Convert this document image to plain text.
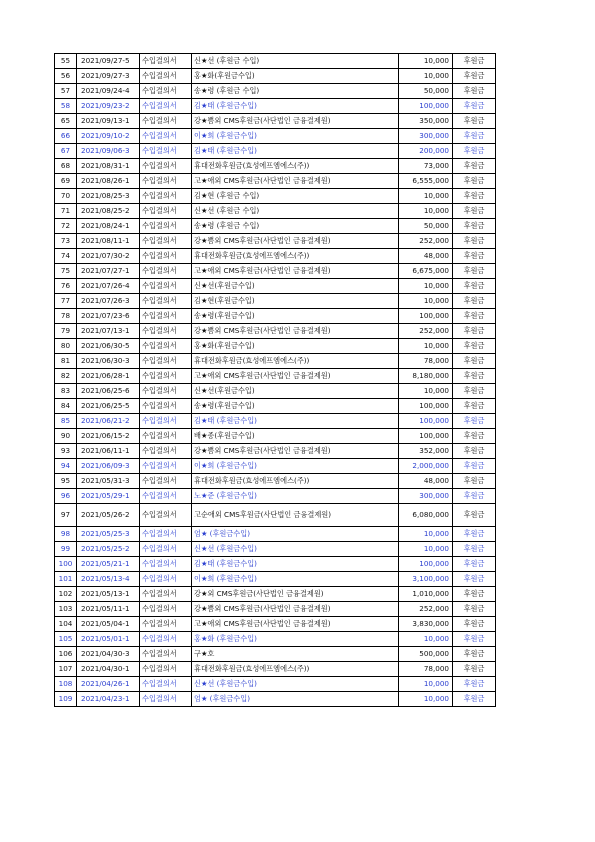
55	2021/09/27-5	수입결의서	신★선 (후원금 수입)	10,000	후원금
56	2021/09/27-3	수입결의서	홍★화(후원금수입)	10,000	후원금
57	2021/09/24-4	수입결의서	송★령 (후원금 수입)	50,000	후원금
58	2021/09/23-2	수입결의서	김★태 (후원금수입)	100,000	후원금
65	2021/09/13-1	수입결의서	강★쁨외 CMS후원금(사단법인 금융결제원)	350,000	후원금
66	2021/09/10-2	수입결의서	이★희 (후원금수입)	300,000	후원금
67	2021/09/06-3	수입결의서	김★태 (후원금수입)	200,000	후원금
68	2021/08/31-1	수입결의서	휴대전화후원금(효성에프엠에스(주))	73,000	후원금
69	2021/08/26-1	수입결의서	고★애외 CMS후원금(사단법인 금융결제원)	6,555,000	후원금
70	2021/08/25-3	수입결의서	김★현 (후원금 수입)	10,000	후원금
71	2021/08/25-2	수입결의서	신★선 (후원금 수입)	10,000	후원금
72	2021/08/24-1	수입결의서	송★령 (후원금 수입)	50,000	후원금
73	2021/08/11-1	수입결의서	강★쁨외 CMS후원금(사단법인 금융결제원)	252,000	후원금
74	2021/07/30-2	수입결의서	휴대전화후원금(효성에프엠에스(주))	48,000	후원금
75	2021/07/27-1	수입결의서	고★애외 CMS후원금(사단법인 금융결제원)	6,675,000	후원금
76	2021/07/26-4	수입결의서	신★선(후원금수입)	10,000	후원금
77	2021/07/26-3	수입결의서	김★현(후원금수입)	10,000	후원금
78	2021/07/23-6	수입결의서	송★령(후원금수입)	100,000	후원금
79	2021/07/13-1	수입결의서	강★쁨외 CMS후원금(사단법인 금융결제원)	252,000	후원금
80	2021/06/30-5	수입결의서	홍★화(후원금수입)	10,000	후원금
81	2021/06/30-3	수입결의서	휴대전화후원금(효성에프엠에스(주))	78,000	후원금
82	2021/06/28-1	수입결의서	고★애외 CMS후원금(사단법인 금융결제원)	8,180,000	후원금
83	2021/06/25-6	수입결의서	신★선(후원금수입)	10,000	후원금
84	2021/06/25-5	수입결의서	송★령(후원금수입)	100,000	후원금
85	2021/06/21-2	수입결의서	김★태 (후원금수입)	100,000	후원금
90	2021/06/15-2	수입결의서	배★종(후원금수입)	100,000	후원금
93	2021/06/11-1	수입결의서	강★쁨외 CMS후원금(사단법인 금융결제원)	352,000	후원금
94	2021/06/09-3	수입결의서	이★희 (후원금수입)	2,000,000	후원금
95	2021/05/31-3	수입결의서	휴대전화후원금(효성에프엠에스(주))	48,000	후원금
96	2021/05/29-1	수입결의서	노★준 (후원금수입)	300,000	후원금
97	2021/05/26-2	수입결의서	고순애외 CMS후원금(사단법인 금융결제원)	6,080,000	후원금
98	2021/05/25-3	수입결의서	엄★ (후원금수입)	10,000	후원금
99	2021/05/25-2	수입결의서	신★선 (후원금수입)	10,000	후원금
100	2021/05/21-1	수입결의서	김★태 (후원금수입)	100,000	후원금
101	2021/05/13-4	수입결의서	이★희 (후원금수입)	3,100,000	후원금
102	2021/05/13-1	수입결의서	강★외 CMS후원금(사단법인 금융결제원)	1,010,000	후원금
103	2021/05/11-1	수입결의서	강★쁨외 CMS후원금(사단법인 금융결제원)	252,000	후원금
104	2021/05/04-1	수입결의서	고★애외 CMS후원금(사단법인 금융결제원)	3,830,000	후원금
105	2021/05/01-1	수입결의서	홍★화 (후원금수입)	10,000	후원금
106	2021/04/30-3	수입결의서	구★호	500,000	후원금
107	2021/04/30-1	수입결의서	휴대전화후원금(효성에프엠에스(주))	78,000	후원금
108	2021/04/26-1	수입결의서	신★선 (후원금수입)	10,000	후원금
109	2021/04/23-1	수입결의서	엄★ (후원금수입)	10,000	후원금
